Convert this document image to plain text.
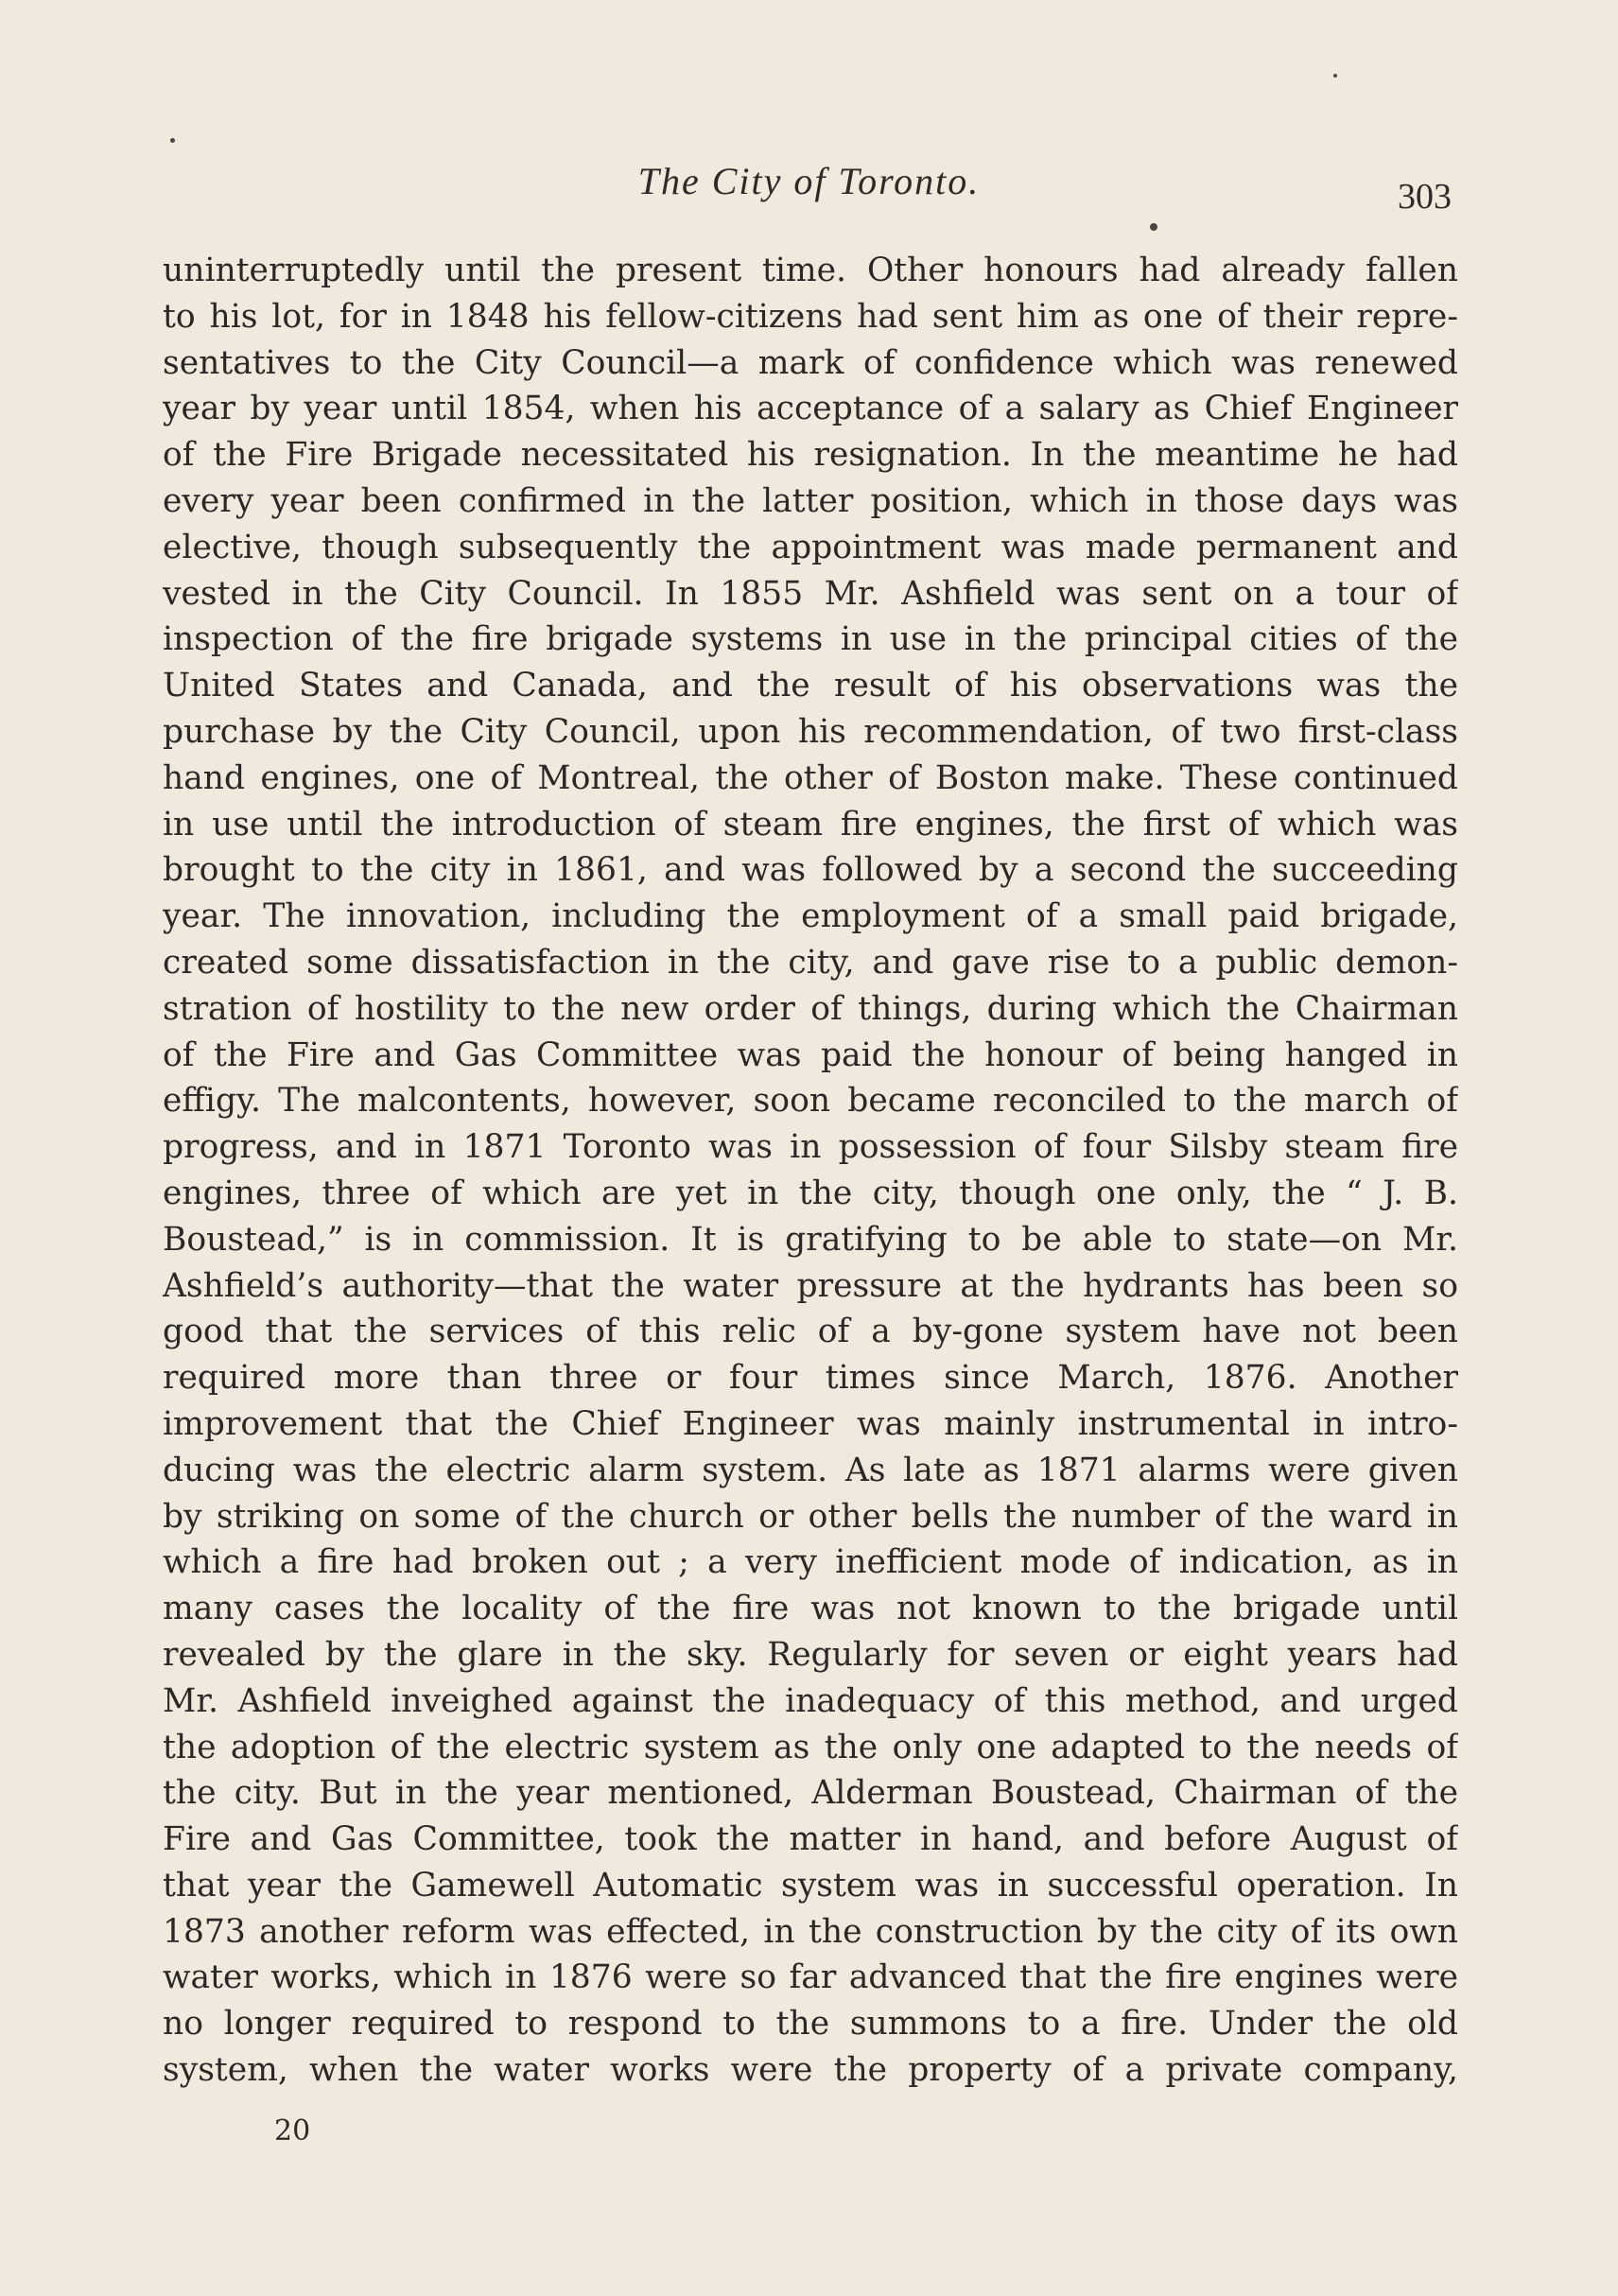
The City of Toronto.	303
uninterruptedly until the present time. Other honours had already fallen
to his lot, for in 1848 his fellow-citizens had sent him as one of their repre-
sentatives to the City Council—a mark of confidence which was renewed
year by year until 1854, when his acceptance of a salary as Chief Engineer
of the Fire Brigade necessitated his resignation. In the meantime he had
every year been confirmed in the latter position, which in those days was
elective, though subsequently the appointment was made permanent and
vested in the City Council. In 1855 Mr. Ashfield was sent on a tour of
inspection of the fire brigade systems in use in the principal cities of the
United States and Canada, and the result of his observations was the
purchase by the City Council, upon his recommendation, of two first-class
hand engines, one of Montreal, the other of Boston make. These continued
in use until the introduction of steam fire engines, the first of which was
brought to the city in 1861, and was followed by a second the succeeding
year. The innovation, including the employment of a small paid brigade,
created some dissatisfaction in the city, and gave rise to a public demon-
stration of hostility to the new order of things, during which the Chairman
of the Fire and Gas Committee was paid the honour of being hanged in
effigy. The malcontents, however, soon became reconciled to the march of
progress, and in 1871 Toronto was in possession of four Silsby steam fire
engines, three of which are yet in the city, though one only, the “ J. B.
Boustead,” is in commission. It is gratifying to be able to state—on Mr.
Ashfield’s authority—that the water pressure at the hydrants has been so
good that the services of this relic of a by-gone system have not been
required more than three or four times since March, 1876. Another
improvement that the Chief Engineer was mainly instrumental in intro-
ducing was the electric alarm system. As late as 1871 alarms were given
by striking on some of the church or other bells the number of the ward in
which a fire had broken out ; a very inefficient mode of indication, as in
many cases the locality of the fire was not known to the brigade until
revealed by the glare in the sky. Regularly for seven or eight years had
Mr. Ashfield inveighed against the inadequacy of this method, and urged
the adoption of the electric system as the only one adapted to the needs of
the city. But in the year mentioned, Alderman Boustead, Chairman of the
Fire and Gas Committee, took the matter in hand, and before August of
that year the Gamewell Automatic system was in successful operation. In
1873 another reform was effected, in the construction by the city of its own
water works, which in 1876 were so far advanced that the fire engines were
no longer required to respond to the summons to a fire. Under the old
system, when the water works were the property of a private company,
20
